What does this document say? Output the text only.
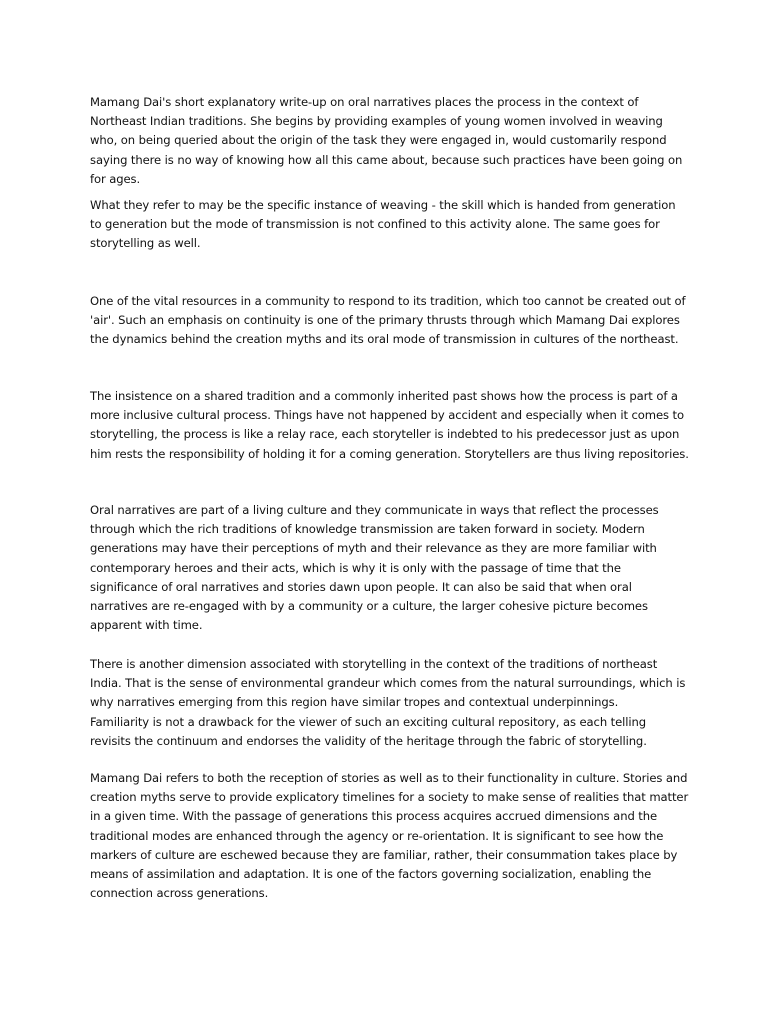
Mamang Dai's short explanatory write-up on oral narratives places the process in the context of Northeast Indian traditions. She begins by providing examples of young women involved in weaving who, on being queried about the origin of the task they were engaged in, would customarily respond saying there is no way of knowing how all this came about, because such practices have been going on for ages.

What they refer to may be the specific instance of weaving - the skill which is handed from generation to generation but the mode of transmission is not confined to this activity alone. The same goes for storytelling as well.

One of the vital resources in a community to respond to its tradition, which too cannot be created out of 'air'. Such an emphasis on continuity is one of the primary thrusts through which Mamang Dai explores the dynamics behind the creation myths and its oral mode of transmission in cultures of the northeast.

The insistence on a shared tradition and a commonly inherited past shows how the process is part of a more inclusive cultural process. Things have not happened by accident and especially when it comes to storytelling, the process is like a relay race, each storyteller is indebted to his predecessor just as upon him rests the responsibility of holding it for a coming generation. Storytellers are thus living repositories.

Oral narratives are part of a living culture and they communicate in ways that reflect the processes through which the rich traditions of knowledge transmission are taken forward in society. Modern generations may have their perceptions of myth and their relevance as they are more familiar with contemporary heroes and their acts, which is why it is only with the passage of time that the significance of oral narratives and stories dawn upon people. It can also be said that when oral narratives are re-engaged with by a community or a culture, the larger cohesive picture becomes apparent with time.

There is another dimension associated with storytelling in the context of the traditions of northeast India. That is the sense of environmental grandeur which comes from the natural surroundings, which is why narratives emerging from this region have similar tropes and contextual underpinnings.

Familiarity is not a drawback for the viewer of such an exciting cultural repository, as each telling revisits the continuum and endorses the validity of the heritage through the fabric of storytelling.

Mamang Dai refers to both the reception of stories as well as to their functionality in culture. Stories and creation myths serve to provide explicatory timelines for a society to make sense of realities that matter in a given time. With the passage of generations this process acquires accrued dimensions and the traditional modes are enhanced through the agency or re-orientation. It is significant to see how the markers of culture are eschewed because they are familiar, rather, their consummation takes place by means of assimilation and adaptation. It is one of the factors governing socialization, enabling the connection across generations.
